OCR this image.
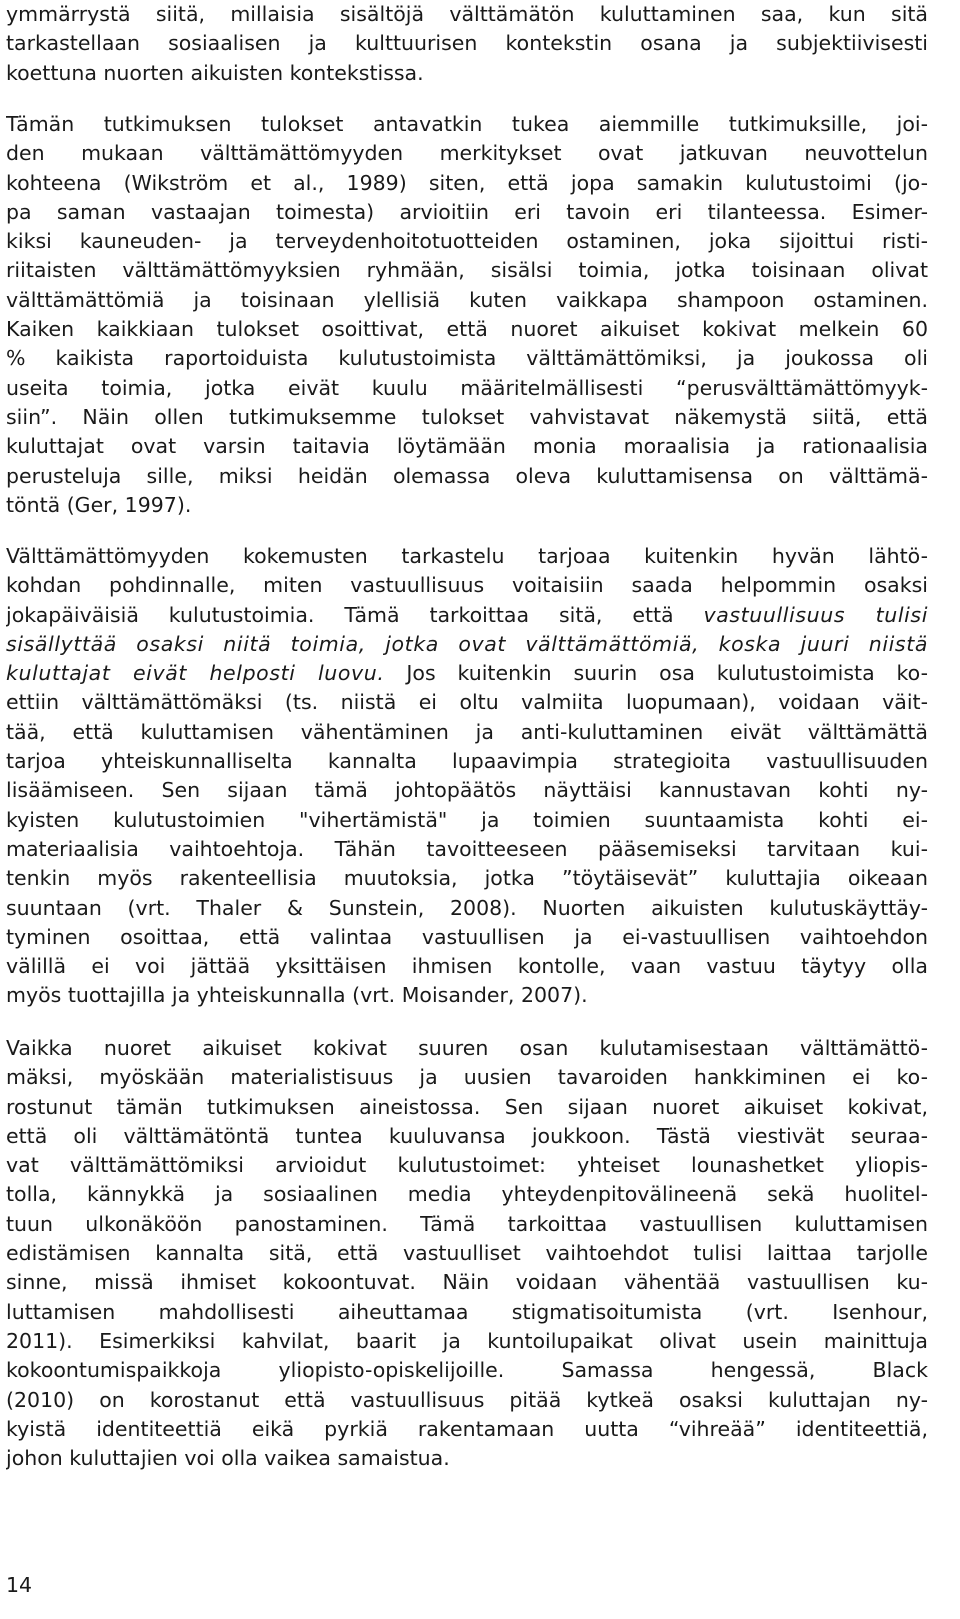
ymmärrystä siitä, millaisia sisältöjä välttämätön kuluttaminen saa, kun sitä
tarkastellaan sosiaalisen ja kulttuurisen kontekstin osana ja subjektiivisesti
koettuna nuorten aikuisten kontekstissa.
Tämän tutkimuksen tulokset antavatkin tukea aiemmille tutkimuksille, joi-
den mukaan välttämättömyyden merkitykset ovat jatkuvan neuvottelun
kohteena (Wikström et al., 1989) siten, että jopa samakin kulutustoimi (jo-
pa saman vastaajan toimesta) arvioitiin eri tavoin eri tilanteessa. Esimer-
kiksi kauneuden- ja terveydenhoitotuotteiden ostaminen, joka sijoittui risti-
riitaisten välttämättömyyksien ryhmään, sisälsi toimia, jotka toisinaan olivat
välttämättömiä ja toisinaan ylellisiä kuten vaikkapa shampoon ostaminen.
Kaiken kaikkiaan tulokset osoittivat, että nuoret aikuiset kokivat melkein 60
% kaikista raportoiduista kulutustoimista välttämättömiksi, ja joukossa oli
useita toimia, jotka eivät kuulu määritelmällisesti “perusvälttämättömyyk-
siin”. Näin ollen tutkimuksemme tulokset vahvistavat näkemystä siitä, että
kuluttajat ovat varsin taitavia löytämään monia moraalisia ja rationaalisia
perusteluja sille, miksi heidän olemassa oleva kuluttamisensa on välttämä-
töntä (Ger, 1997).
Välttämättömyyden kokemusten tarkastelu tarjoaa kuitenkin hyvän lähtö-
kohdan pohdinnalle, miten vastuullisuus voitaisiin saada helpommin osaksi
jokapäiväisiä kulutustoimia. Tämä tarkoittaa sitä, että vastuullisuus tulisi
sisällyttää osaksi niitä toimia, jotka ovat välttämättömiä, koska juuri niistä
kuluttajat eivät helposti luovu. Jos kuitenkin suurin osa kulutustoimista ko-
ettiin välttämättömäksi (ts. niistä ei oltu valmiita luopumaan), voidaan väit-
tää, että kuluttamisen vähentäminen ja anti-kuluttaminen eivät välttämättä
tarjoa yhteiskunnalliselta kannalta lupaavimpia strategioita vastuullisuuden
lisäämiseen. Sen sijaan tämä johtopäätös näyttäisi kannustavan kohti ny-
kyisten kulutustoimien "vihertämistä" ja toimien suuntaamista kohti ei-
materiaalisia vaihtoehtoja. Tähän tavoitteeseen pääsemiseksi tarvitaan kui-
tenkin myös rakenteellisia muutoksia, jotka ”töytäisevät” kuluttajia oikeaan
suuntaan (vrt. Thaler & Sunstein, 2008). Nuorten aikuisten kulutuskäyttäy-
tyminen osoittaa, että valintaa vastuullisen ja ei-vastuullisen vaihtoehdon
välillä ei voi jättää yksittäisen ihmisen kontolle, vaan vastuu täytyy olla
myös tuottajilla ja yhteiskunnalla (vrt. Moisander, 2007).
Vaikka nuoret aikuiset kokivat suuren osan kulutamisestaan välttämättö-
mäksi, myöskään materialistisuus ja uusien tavaroiden hankkiminen ei ko-
rostunut tämän tutkimuksen aineistossa. Sen sijaan nuoret aikuiset kokivat,
että oli välttämätöntä tuntea kuuluvansa joukkoon. Tästä viestivät seuraa-
vat välttämättömiksi arvioidut kulutustoimet: yhteiset lounashetket yliopis-
tolla, kännykkä ja sosiaalinen media yhteydenpitovälineenä sekä huolitel-
tuun ulkonäköön panostaminen. Tämä tarkoittaa vastuullisen kuluttamisen
edistämisen kannalta sitä, että vastuulliset vaihtoehdot tulisi laittaa tarjolle
sinne, missä ihmiset kokoontuvat. Näin voidaan vähentää vastuullisen ku-
luttamisen mahdollisesti aiheuttamaa stigmatisoitumista (vrt. Isenhour,
2011). Esimerkiksi kahvilat, baarit ja kuntoilupaikat olivat usein mainittuja
kokoontumispaikkoja yliopisto-opiskelijoille. Samassa hengessä, Black
(2010) on korostanut että vastuullisuus pitää kytkeä osaksi kuluttajan ny-
kyistä identiteettiä eikä pyrkiä rakentamaan uutta “vihreää” identiteettiä,
johon kuluttajien voi olla vaikea samaistua.
14
